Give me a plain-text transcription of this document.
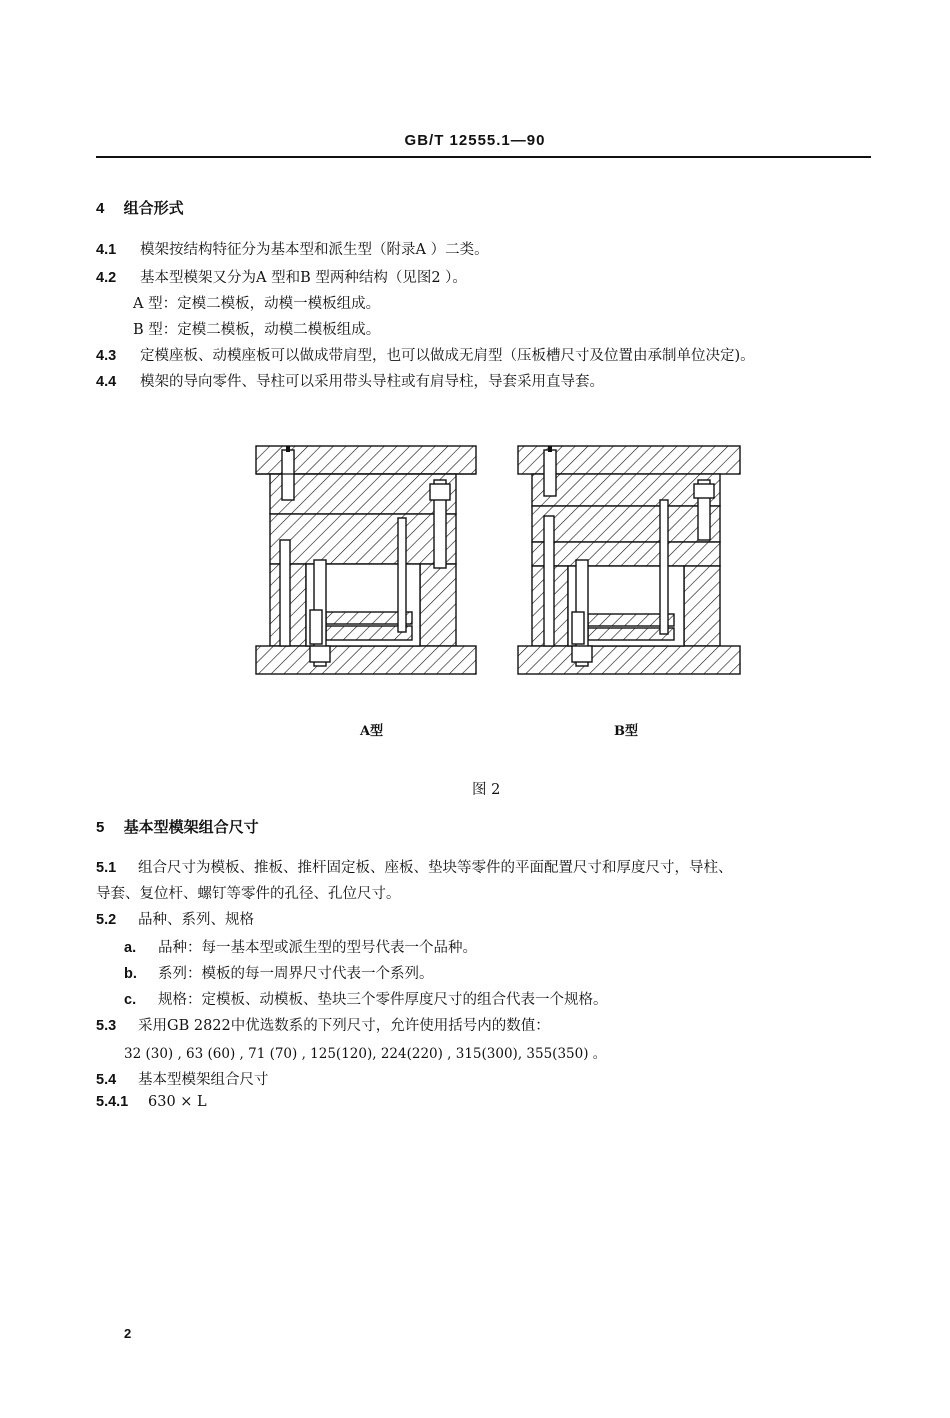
GB/T 12555.1—90
4 组合形式
4.1 模架按结构特征分为基本型和派生型（附录A ）二类。
4.2 基本型模架又分为A 型和B 型两种结构（见图2 ）。
A 型：定模二模板，动模一模板组成。
B 型：定模二模板，动模二模板组成。
4.3 定模座板、动模座板可以做成带肩型，也可以做成无肩型（压板槽尺寸及位置由承制单位决定)。
4.4 模架的导向零件、导柱可以采用带头导柱或有肩导柱，导套采用直导套。
A型	B型
图 2
5 基本型模架组合尺寸
5.1 组合尺寸为模板、推板、推杆固定板、座板、垫块等零件的平面配置尺寸和厚度尺寸，导柱、
导套、复位杆、螺钉等零件的孔径、孔位尺寸。
5.2 品种、系列、规格
a. 品种：每一基本型或派生型的型号代表一个品种。
b. 系列：模板的每一周界尺寸代表一个系列。
c. 规格：定模板、动模板、垫块三个零件厚度尺寸的组合代表一个规格。
5.3 采用GB 2822中优选数系的下列尺寸，允许使用括号内的数值：
32 (30) , 63 (60) , 71 (70) , 125(120), 224(220) , 315(300), 355(350) 。
5.4 基本型模架组合尺寸
5.4.1 630 × L
2
